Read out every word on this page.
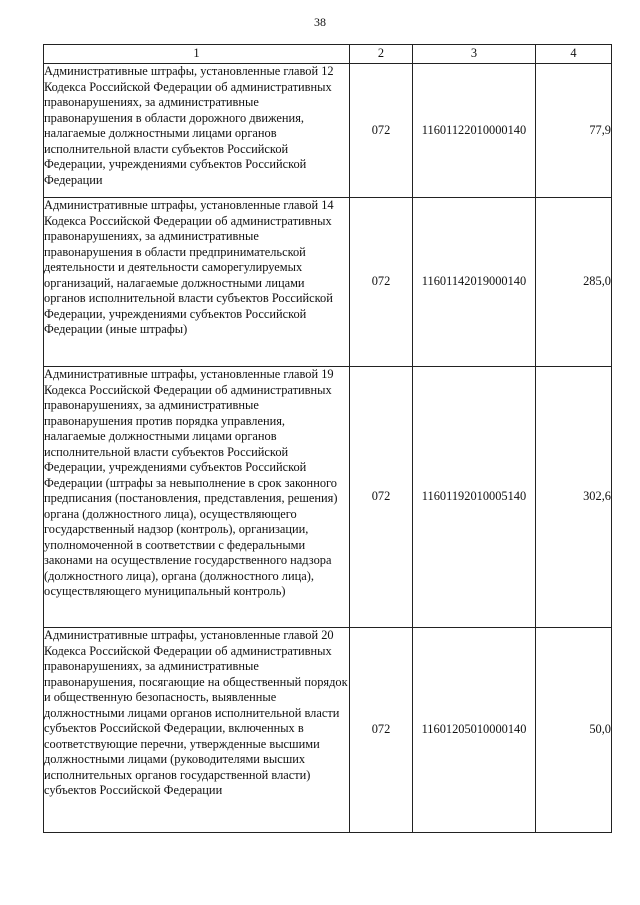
38
1	2	3	4
Административные штрафы, установленные главой 12 Кодекса Российской Федерации об административных правонарушениях, за административные правонарушения в области дорожного движения, налагаемые должностными лицами органов исполнительной власти субъектов Российской Федерации, учреждениями субъектов Российской Федерации	072	11601122010000140	77,9
Административные штрафы, установленные главой 14 Кодекса Российской Федерации об административных правонарушениях, за административные правонарушения в области предпринимательской деятельности и деятельности саморегулируемых организаций, налагаемые должностными лицами органов исполнительной власти субъектов Российской Федерации, учреждениями субъектов Российской Федерации (иные штрафы)	072	11601142019000140	285,0
Административные штрафы, установленные главой 19 Кодекса Российской Федерации об административных правонарушениях, за административные правонарушения против порядка управления, налагаемые должностными лицами органов исполнительной власти субъектов Российской Федерации, учреждениями субъектов Российской Федерации (штрафы за невыполнение в срок законного предписания (постановления, представления, решения) органа (должностного лица), осуществляющего государственный надзор (контроль), организации, уполномоченной в соответствии с федеральными законами на осуществление государственного надзора (должностного лица), органа (должностного лица), осуществляющего муниципальный контроль)	072	11601192010005140	302,6
Административные штрафы, установленные главой 20 Кодекса Российской Федерации об административных правонарушениях, за административные правонарушения, посягающие на общественный порядок и общественную безопасность, выявленные должностными лицами органов исполнительной власти субъектов Российской Федерации, включенных в соответствующие перечни, утвержденные высшими должностными лицами (руководителями высших исполнительных органов государственной власти) субъектов Российской Федерации	072	11601205010000140	50,0
